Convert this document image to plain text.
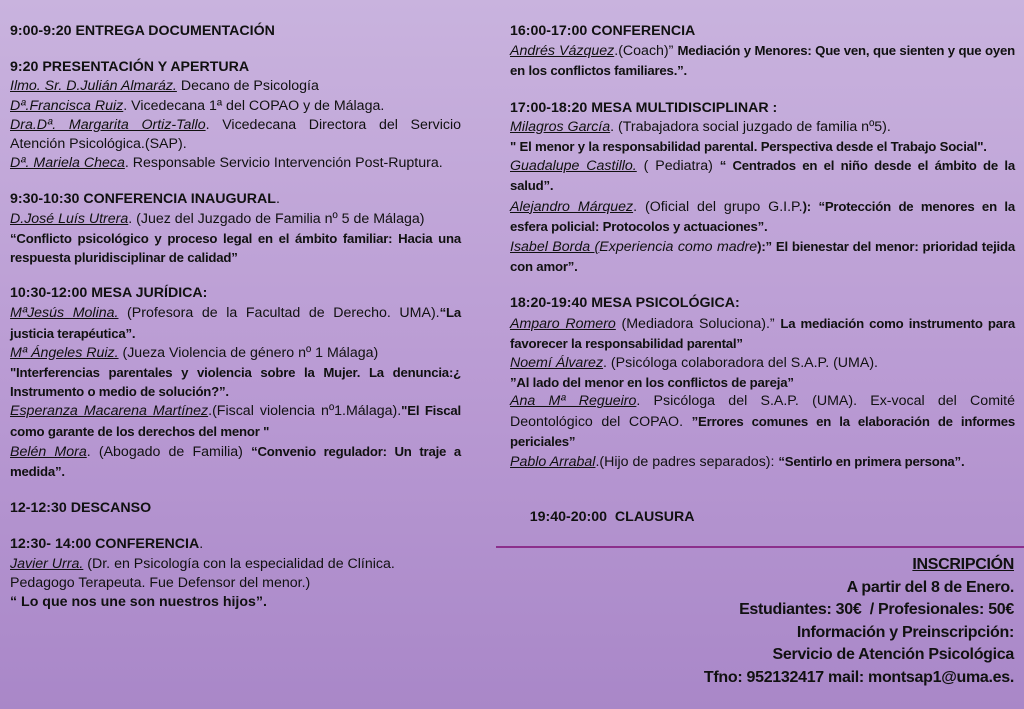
9:00-9:20 ENTREGA DOCUMENTACIÓN
9:20 PRESENTACIÓN Y APERTURA
Ilmo. Sr. D.Julián Almaráz. Decano de Psicología
Dª.Francisca Ruiz. Vicedecana 1ª del COPAO y de Málaga.
Dra.Dª. Margarita Ortiz-Tallo. Vicedecana Directora del Servicio Atención Psicológica.(SAP).
Dª. Mariela Checa. Responsable Servicio Intervención Post-Ruptura.
9:30-10:30 CONFERENCIA INAUGURAL.
D.José Luís Utrera. (Juez del Juzgado de Familia nº 5 de Málaga)
“Conflicto psicológico y proceso legal en el ámbito familiar: Hacia una respuesta pluridisciplinar de calidad”
10:30-12:00 MESA JURÍDICA:
MªJesús Molina. (Profesora de la Facultad de Derecho. UMA).“La justicia terapéutica”.
Mª Ángeles Ruiz. (Jueza Violencia de género nº 1 Málaga)
"Interferencias parentales y violencia sobre la Mujer. La denuncia:¿ Instrumento o medio de solución?”.
Esperanza Macarena Martínez.(Fiscal violencia nº1.Málaga)."El Fiscal como garante de los derechos del menor "
Belén Mora. (Abogado de Familia) “Convenio regulador: Un traje a medida”.
12-12:30 DESCANSO
12:30- 14:00 CONFERENCIA.
Javier Urra. (Dr. en Psicología con la especialidad de Clínica. Pedagogo Terapeuta. Fue Defensor del menor.)
“ Lo que nos une son nuestros hijos”.
16:00-17:00 CONFERENCIA
Andrés Vázquez.(Coach)” Mediación y Menores: Que ven, que sienten y que oyen en los conflictos familiares.”.
17:00-18:20 MESA MULTIDISCIPLINAR :
Milagros García. (Trabajadora social juzgado de familia nº5).
" El menor y la responsabilidad parental. Perspectiva desde el Trabajo Social".
Guadalupe Castillo. ( Pediatra) “ Centrados en el niño desde el ámbito de la salud”.
Alejandro Márquez. (Oficial del grupo G.I.P.): “Protección de menores en la esfera policial: Protocolos y actuaciones”.
Isabel Borda (Experiencia como madre):” El bienestar del menor: prioridad tejida con amor”.
18:20-19:40 MESA PSICOLÓGICA:
Amparo Romero (Mediadora Soluciona).” La mediación como instrumento para favorecer la responsabilidad parental”
Noemí Álvarez. (Psicóloga colaboradora del S.A.P. (UMA).
”Al lado del menor en los conflictos de pareja”
Ana Mª Regueiro. Psicóloga del S.A.P. (UMA). Ex-vocal del Comité Deontológico del COPAO. ”Errores comunes en la elaboración de informes periciales”
Pablo Arrabal.(Hijo de padres separados): “Sentirlo en primera persona”.

19:40-20:00  CLAUSURA

INSCRIPCIÓN
A partir del 8 de Enero.
Estudiantes: 30€  / Profesionales: 50€
Información y Preinscripción:
Servicio de Atención Psicológica
Tfno: 952132417 mail: montsap1@uma.es.
